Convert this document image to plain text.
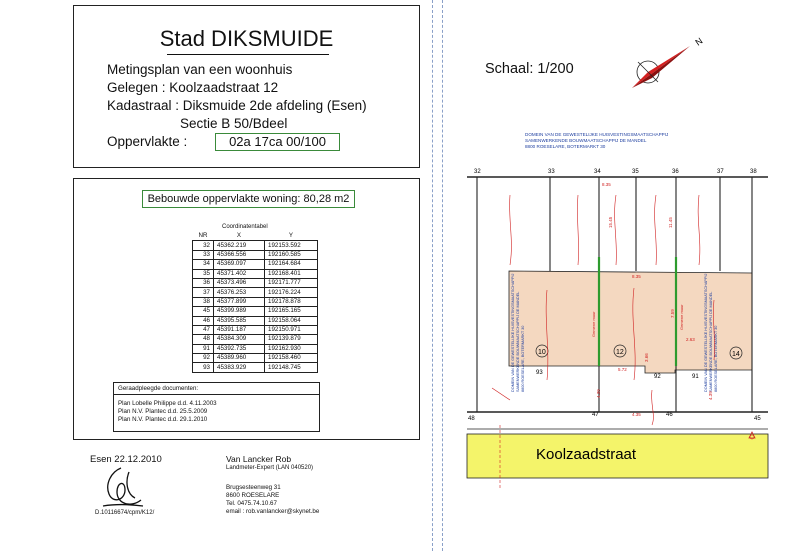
Stad DIKSMUIDE
Metingsplan van een woonhuis
Gelegen : Koolzaadstraat 12
Kadastraal : Diksmuide 2de afdeling (Esen)
Sectie B 50/Bdeel
Oppervlakte :	02a 17ca 00/100
Bebouwde oppervlakte woning: 80,28 m2
Coordinatentabel
NR	X	Y
32	45362.219	192153.592
33	45366.556	192160.585
34	45369.097	192164.684
35	45371.402	192168.401
36	45373.496	192171.777
37	45376.253	192176.224
38	45377.899	192178.878
45	45399.989	192165.165
46	45395.585	192158.064
47	45391.187	192150.971
48	45384.309	192139.879
91	45392.735	192162.930
92	45389.960	192158.460
93	45383.929	192148.745
Geraadpleegde documenten:
Plan Lobelle Philippe d.d. 4.11.2003
Plan N.V. Plantec d.d. 25.5.2009
Plan N.V. Plantec d.d. 29.1.2010
Esen 22.12.2010
D.10116674/cpm/K12/
Van Lancker Rob
Landmeter-Expert (LAN 040520)
Brugsesteenweg 31
8600 ROESELARE
Tel. 0475.74.10.67
email : rob.vanlancker@skynet.be
Schaal: 1/200
N
DOMEIN VAN DE GEWESTELIJKE HUISVESTINGSMAATSCHAPPIJ
SAMENWERKENDE BOUWMAATSCHAPPIJ DE MANDEL
8800 ROESELARE, BOTERMARKT 30
32	33	34	35	36	37	38
8.35
48
47	46
45
93
92	91
10	12	14
Gemene muur	Gemene muur
DOMEIN VAN DE GEWESTELIJKE HUISVESTINGSMAATSCHAPPIJ SAMENWERKENDE BOUWMAATSCHAPPIJ DE MANDEL 8800 ROESELARE, BOTERMARKT 30	DOMEIN VAN DE GEWESTELIJKE HUISVESTINGSMAATSCHAPPIJ SAMENWERKENDE BOUWMAATSCHAPPIJ DE MANDEL 8800 ROESELARE, BOTERMARKT 30
15.45	11.45
8.35
4.35
7.59
2.63
3.66
5.72
4.39	4.39
Koolzaadstraat
